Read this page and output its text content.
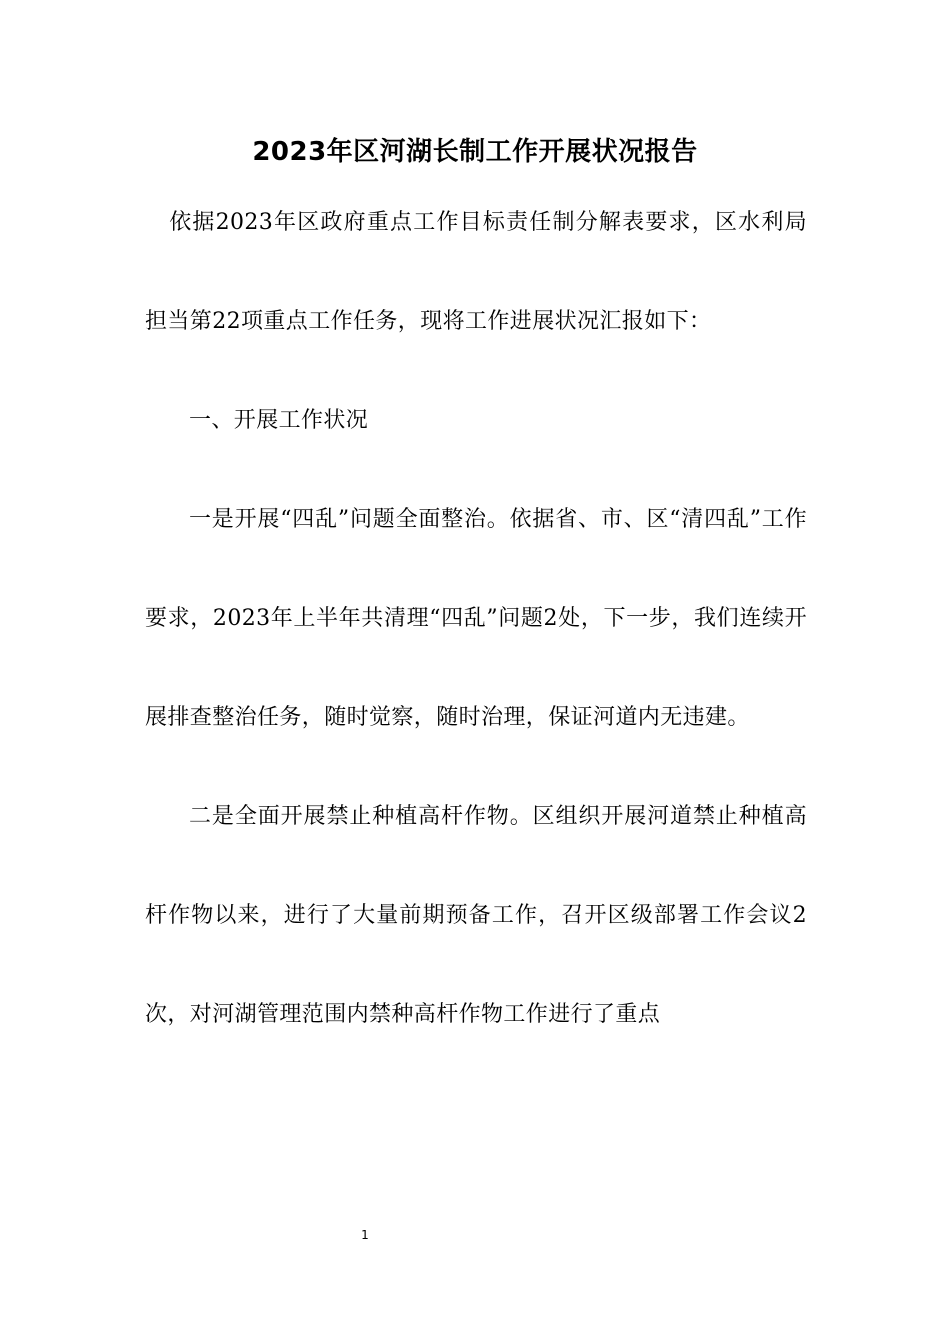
2023年区河湖长制工作开展状况报告

依据2023年区政府重点工作目标责任制分解表要求，区水利局担当第22项重点工作任务，现将工作进展状况汇报如下：

一、开展工作状况

一是开展“四乱”问题全面整治。依据省、市、区“清四乱”工作要求，2023年上半年共清理“四乱”问题2处，下一步，我们连续开展排查整治任务，随时觉察，随时治理，保证河道内无违建。

二是全面开展禁止种植高杆作物。区组织开展河道禁止种植高杆作物以来，进行了大量前期预备工作，召开区级部署工作会议2次，对河湖管理范围内禁种高杆作物工作进行了重点

1
